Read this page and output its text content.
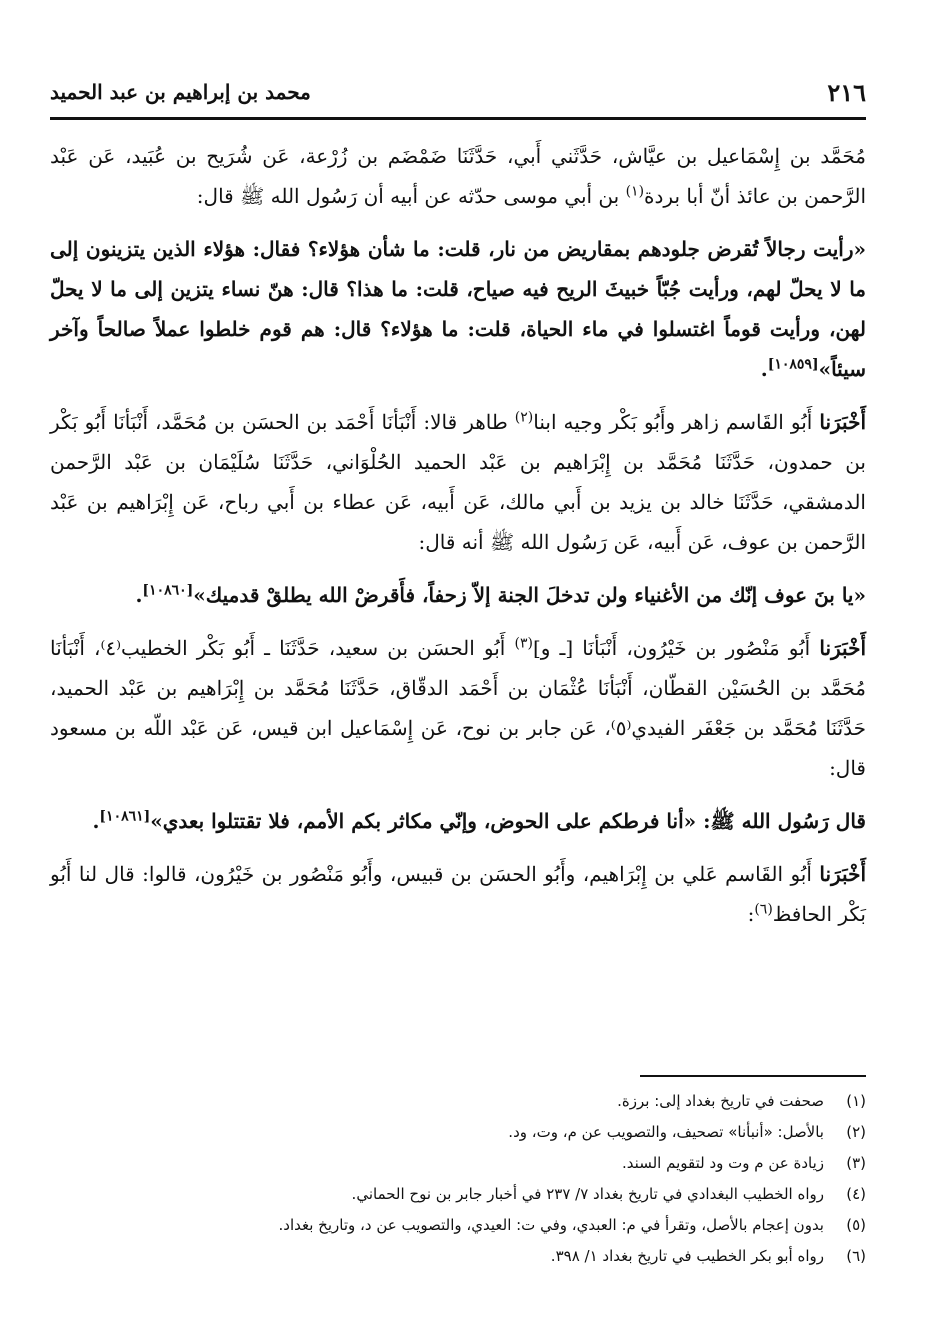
٢١٦
محمد بن إبراهيم بن عبد الحميد

مُحَمَّد بن إِسْمَاعيل بن عيَّاش، حَدَّثَني أَبي، حَدَّثَنَا ضَمْضَم بن زُرْعة، عَن شُرَيح بن عُبَيد، عَن عَبْد الرَّحمن بن عائذ أنّ أبا بردة$^{(١)}$ بن أبي موسى حدّثه عن أبيه أن رَسُول الله ﷺ قال:

«رأيت رجالاً تُقرض جلودهم بمقاريض من نار، قلت: ما شأن هؤلاء؟ فقال: هؤلاء الذين يتزينون إلى ما لا يحلّ لهم، ورأيت جُبّاً خبيثَ الريح فيه صياح، قلت: ما هذا؟ قال: هنّ نساء يتزين إلى ما لا يحلّ لهن، ورأيت قوماً اغتسلوا في ماء الحياة، قلت: ما هؤلاء؟ قال: هم قوم خلطوا عملاً صالحاً وآخر سيئاً»[١٠٨٥٩].

أَخْبَرَنا أَبُو القَاسم زاهر وأَبُو بَكْر وجيه ابنا$^{(٢)}$ طاهر قالا: أَنْبَأنَا أَحْمَد بن الحسَن بن مُحَمَّد، أَنْبَأنَا أَبُو بَكْر بن حمدون، حَدَّثَنَا مُحَمَّد بن إِبْرَاهيم بن عَبْد الحميد الحُلْوَاني، حَدَّثَنَا سُلَيْمَان بن عَبْد الرَّحمن الدمشقي، حَدَّثَنَا خالد بن يزيد بن أَبي مالك، عَن أَبيه، عَن عطاء بن أَبي رباح، عَن إِبْرَاهيم بن عَبْد الرَّحمن بن عوف، عَن أَبيه، عَن رَسُول الله ﷺ أنه قال:

«يا بنَ عوف إنّك من الأغنياء ولن تدخلَ الجنة إلاّ زحفاً، فأَقرضْ الله يطلقْ قدميك»[١٠٨٦٠].

أَخْبَرَنا أَبُو مَنْصُور بن خَيْرُون، أَنْبَأنَا [ـ و]$^{(٣)}$ أَبُو الحسَن بن سعيد، حَدَّثَنَا ـ أَبُو بَكْر الخطيب⁽٤⁾، أَنْبَأنَا مُحَمَّد بن الحُسَيْن القطّان، أَنْبَأنَا عُثْمَان بن أَحْمَد الدقّاق، حَدَّثَنَا مُحَمَّد بن إِبْرَاهيم بن عَبْد الحميد، حَدَّثَنَا مُحَمَّد بن جَعْفَر الفيدي⁽٥⁾، عَن جابر بن نوح، عَن إِسْمَاعيل ابن قيس، عَن عَبْد اللّه بن مسعود قال:

قال رَسُول الله ﷺ: «أنا فرطكم على الحوض، وإنّي مكاثر بكم الأمم، فلا تقتتلوا بعدي»[١٠٨٦١].

أَخْبَرَنا أَبُو القَاسم عَلي بن إِبْرَاهيم، وأَبُو الحسَن بن قبيس، وأَبُو مَنْصُور بن خَيْرُون، قالوا: قال لنا أَبُو بَكْر الحافظ$^{(٦)}$:

(١)
صحفت في تاريخ بغداد إلى: برزة.
(٢)
بالأصل: «أنبأنا» تصحيف، والتصويب عن م، وت، ود.
(٣)
زيادة عن م وت ود لتقويم السند.
(٤)
رواه الخطيب البغدادي في تاريخ بغداد ٧/ ٢٣٧ في أخبار جابر بن نوح الحماني.
(٥)
بدون إعجام بالأصل، وتقرأ في م: العبدي، وفي ت: العيدي، والتصويب عن د، وتاريخ بغداد.
(٦)
رواه أبو بكر الخطيب في تاريخ بغداد ١/ ٣٩٨.
